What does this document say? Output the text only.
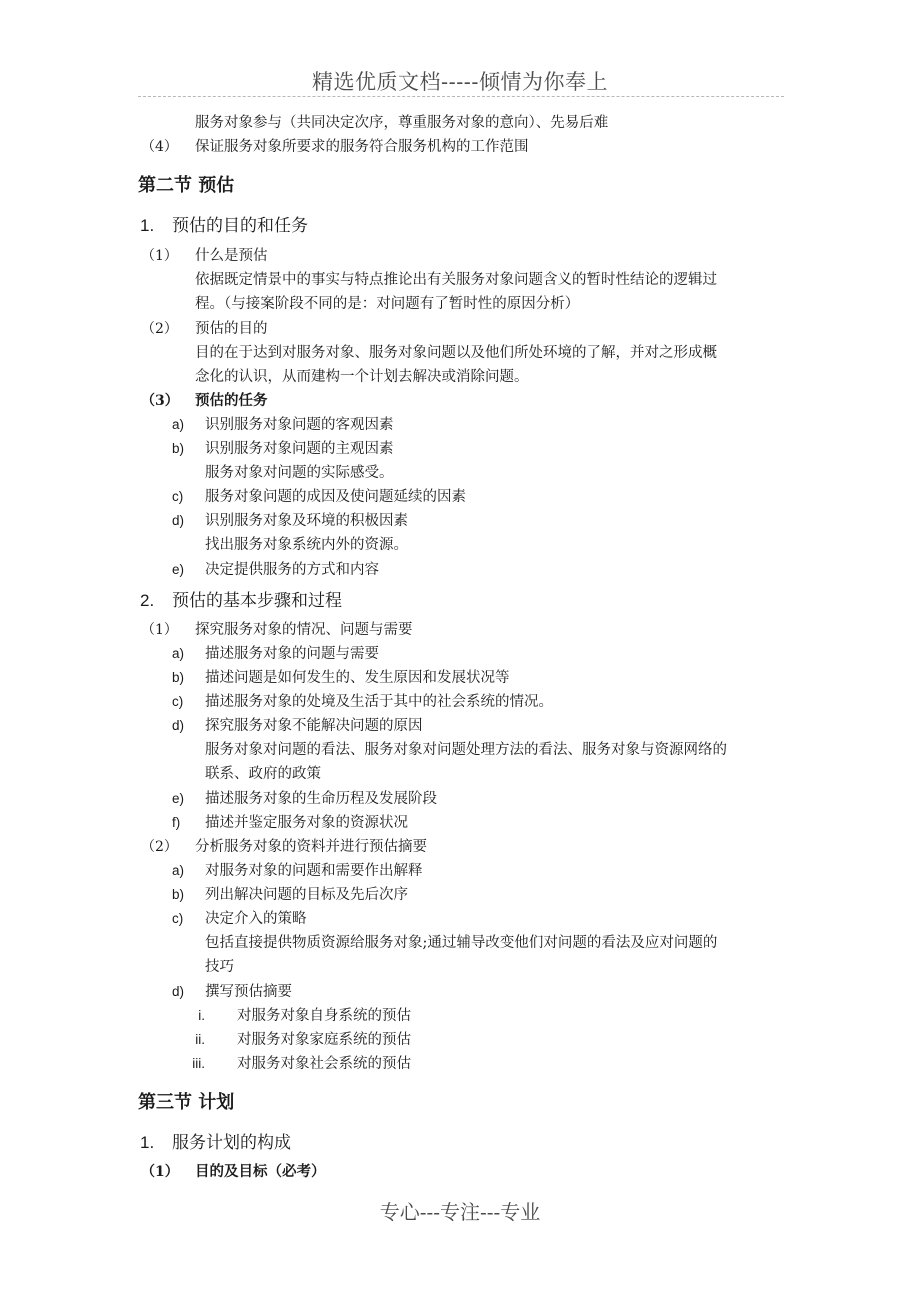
精选优质文档-----倾情为你奉上
服务对象参与（共同决定次序，尊重服务对象的意向）、先易后难
（4） 保证服务对象所要求的服务符合服务机构的工作范围
第二节 预估
1. 预估的目的和任务
（1） 什么是预估
依据既定情景中的事实与特点推论出有关服务对象问题含义的暂时性结论的逻辑过
程。（与接案阶段不同的是：对问题有了暂时性的原因分析）
（2） 预估的目的
目的在于达到对服务对象、服务对象问题以及他们所处环境的了解，并对之形成概
念化的认识，从而建构一个计划去解决或消除问题。
（3） 预估的任务
a) 识别服务对象问题的客观因素
b) 识别服务对象问题的主观因素
服务对象对问题的实际感受。
c) 服务对象问题的成因及使问题延续的因素
d) 识别服务对象及环境的积极因素
找出服务对象系统内外的资源。
e) 决定提供服务的方式和内容
2. 预估的基本步骤和过程
（1） 探究服务对象的情况、问题与需要
a) 描述服务对象的问题与需要
b) 描述问题是如何发生的、发生原因和发展状况等
c) 描述服务对象的处境及生活于其中的社会系统的情况。
d) 探究服务对象不能解决问题的原因
服务对象对问题的看法、服务对象对问题处理方法的看法、服务对象与资源网络的
联系、政府的政策
e) 描述服务对象的生命历程及发展阶段
f) 描述并鉴定服务对象的资源状况
（2） 分析服务对象的资料并进行预估摘要
a) 对服务对象的问题和需要作出解释
b) 列出解决问题的目标及先后次序
c) 决定介入的策略
包括直接提供物质资源给服务对象;通过辅导改变他们对问题的看法及应对问题的
技巧
d) 撰写预估摘要
i. 对服务对象自身系统的预估
ii. 对服务对象家庭系统的预估
iii. 对服务对象社会系统的预估
第三节 计划
1. 服务计划的构成
（1） 目的及目标（必考）
专心---专注---专业
